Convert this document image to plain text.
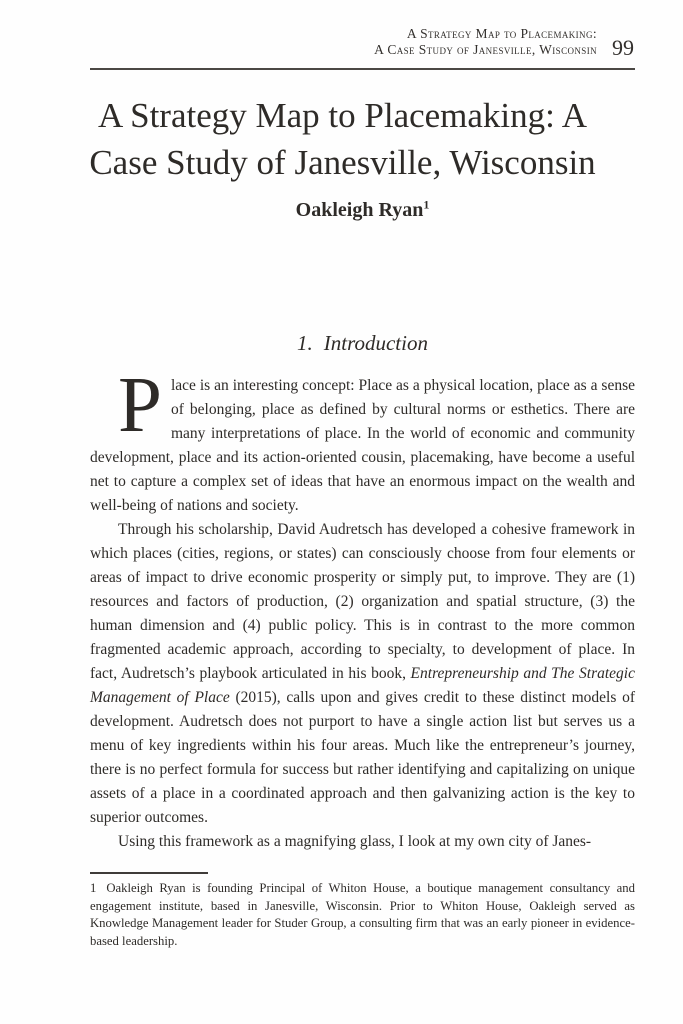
A Strategy Map to Placemaking:
A Case Study of Janesville, Wisconsin 99
A Strategy Map to Placemaking: A
Case Study of Janesville, Wisconsin
Oakleigh Ryan$^1$
1. Introduction

Place is an interesting concept: Place as a physical location, place as a sense of belonging, place as defined by cultural norms or esthetics. There are many interpretations of place. In the world of economic and community development, place and its action-oriented cousin, placemaking, have become a useful net to capture a complex set of ideas that have an enormous impact on the wealth and well-being of nations and society.

Through his scholarship, David Audretsch has developed a cohesive framework in which places (cities, regions, or states) can consciously choose from four elements or areas of impact to drive economic prosperity or simply put, to improve. They are (1) resources and factors of production, (2) organization and spatial structure, (3) the human dimension and (4) public policy. This is in contrast to the more common fragmented academic approach, according to specialty, to development of place. In fact, Audretsch’s playbook articulated in his book, Entrepreneurship and The Strategic Management of Place (2015), calls upon and gives credit to these distinct models of development. Audretsch does not purport to have a single action list but serves us a menu of key ingredients within his four areas. Much like the entrepreneur’s journey, there is no perfect formula for success but rather identifying and capitalizing on unique assets of a place in a coordinated approach and then galvanizing action is the key to superior outcomes.

Using this framework as a magnifying glass, I look at my own city of Janes-

1 Oakleigh Ryan is founding Principal of Whiton House, a boutique management consultancy and engagement institute, based in Janesville, Wisconsin. Prior to Whiton House, Oakleigh served as Knowledge Management leader for Studer Group, a consulting firm that was an early pioneer in evidence-based leadership.
